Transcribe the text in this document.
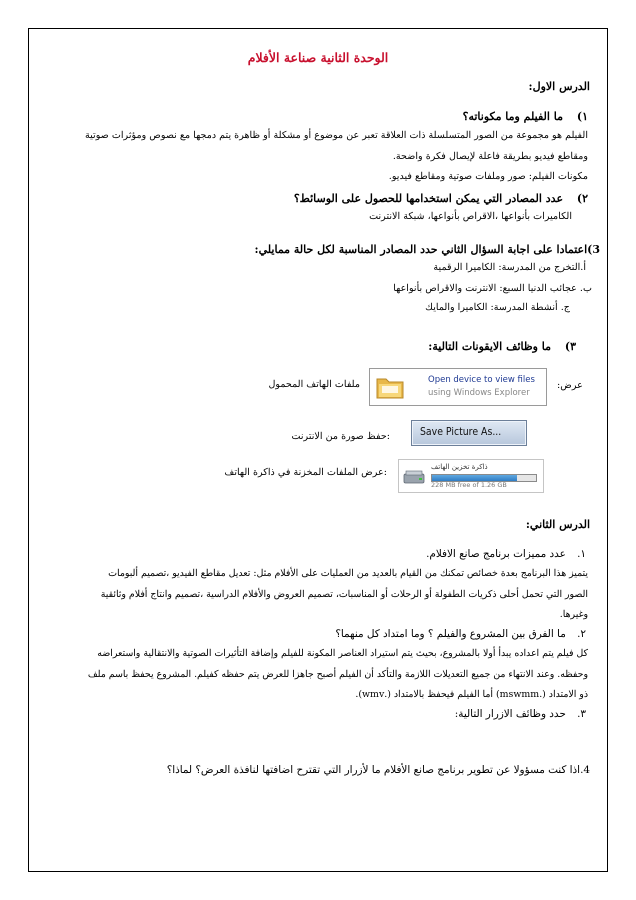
الوحدة الثانية صناعة الأفلام
الدرس الاول:
١) ما الفيلم وما مكوناته؟
الفيلم هو مجموعة من الصور المتسلسلة ذات العلاقة تعبر عن موضوع أو مشكلة أو ظاهرة يتم دمجها مع نصوص ومؤثرات صوتية
ومقاطع فيديو بطريقة فاعلة لإيصال فكرة واضحة.
مكونات الفيلم: صور وملفات صوتية ومقاطع فيديو.
٢) عدد المصادر التي يمكن استخدامها للحصول على الوسائط؟
الكاميرات بأنواعها ،الاقراص بأنواعها، شبكة الانترنت
3)اعتمادا على اجابة السؤال الثاني حدد المصادر المناسبة لكل حالة ممايلي:
أ.التخرج من المدرسة: الكاميرا الرقمية
ب. عجائب الدنيا السبع: الانترنت والاقراص بأنواعها
ج. أنشطة المدرسة: الكاميرا والمايك
٣) ما وظائف الايقونات التالية:
:عرض
Open device to view files
using Windows Explorer
ملفات الهاتف المحمول
Save Picture As...
:حفظ صورة من الانترنت
ذاكرة تخزين الهاتف
228 MB free of 1.26 GB
:عرض الملفات المخزنة في ذاكرة الهاتف
الدرس الثاني:
١. عدد مميزات برنامج صانع الافلام.
يتميز هذا البرنامج بعدة خصائص تمكنك من القيام بالعديد من العمليات على الأفلام مثل: تعديل مقاطع الفيديو ،تصميم ألبومات
الصور التي تحمل أحلى ذكريات الطفولة أو الرحلات أو المناسبات، تصميم العروض والأفلام الدراسية ،تصميم وانتاج أفلام وثائقية
وغيرها.
٢. ما الفرق بين المشروع والفيلم ؟ وما امتداد كل منهما؟
كل فيلم يتم اعداده يبدأ أولا بالمشروع، بحيث يتم استيراد العناصر المكونة للفيلم وإضافة التأثيرات الصوتية والانتقالية واستعراضه
وحفظه. وعند الانتهاء من جميع التعديلات اللازمة والتأكد أن الفيلم أصبح جاهزا للعرض يتم حفظه كفيلم. المشروع يحفظ باسم ملف
ذو الامتداد (.mswmm) أما الفيلم فيحفظ بالامتداد (.wmv).
٣. حدد وظائف الازرار التالية:
4.اذا كنت مسؤولا عن تطوير برنامج صانع الأفلام ما لأزرار التي تقترح اضافتها لنافذة العرض؟ لماذا؟
